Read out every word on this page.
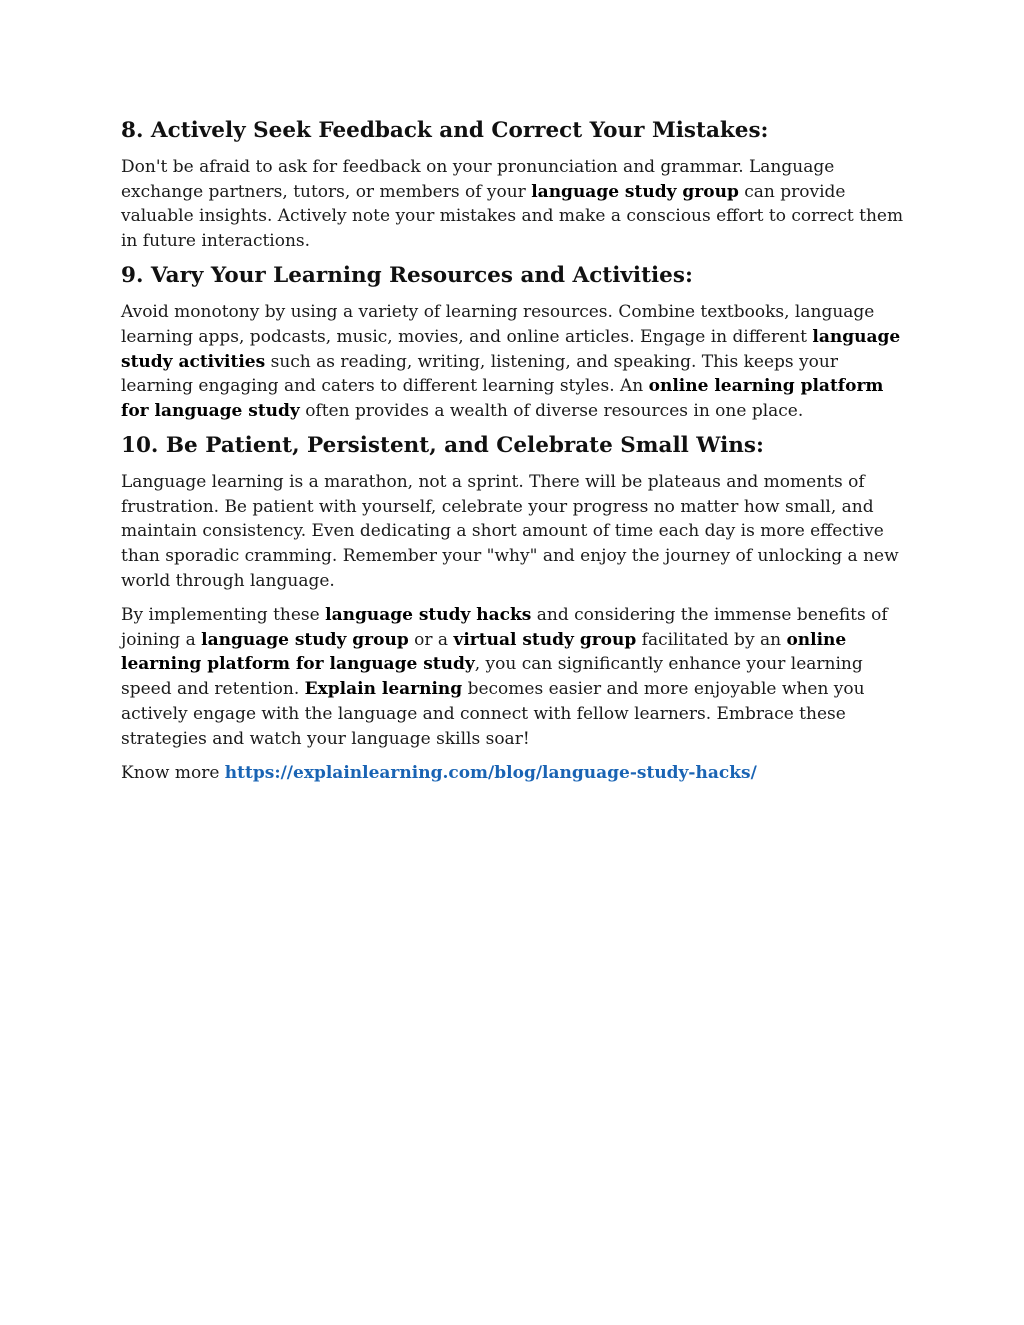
8. Actively Seek Feedback and Correct Your Mistakes:

Don't be afraid to ask for feedback on your pronunciation and grammar. Language exchange partners, tutors, or members of your language study group can provide valuable insights. Actively note your mistakes and make a conscious effort to correct them in future interactions.

9. Vary Your Learning Resources and Activities:

Avoid monotony by using a variety of learning resources. Combine textbooks, language learning apps, podcasts, music, movies, and online articles. Engage in different language study activities such as reading, writing, listening, and speaking. This keeps your learning engaging and caters to different learning styles. An online learning platform for language study often provides a wealth of diverse resources in one place.

10. Be Patient, Persistent, and Celebrate Small Wins:

Language learning is a marathon, not a sprint. There will be plateaus and moments of frustration. Be patient with yourself, celebrate your progress no matter how small, and maintain consistency. Even dedicating a short amount of time each day is more effective than sporadic cramming. Remember your "why" and enjoy the journey of unlocking a new world through language.

By implementing these language study hacks and considering the immense benefits of joining a language study group or a virtual study group facilitated by an online learning platform for language study, you can significantly enhance your learning speed and retention. Explain learning becomes easier and more enjoyable when you actively engage with the language and connect with fellow learners. Embrace these strategies and watch your language skills soar!

Know more https://explainlearning.com/blog/language-study-hacks/
